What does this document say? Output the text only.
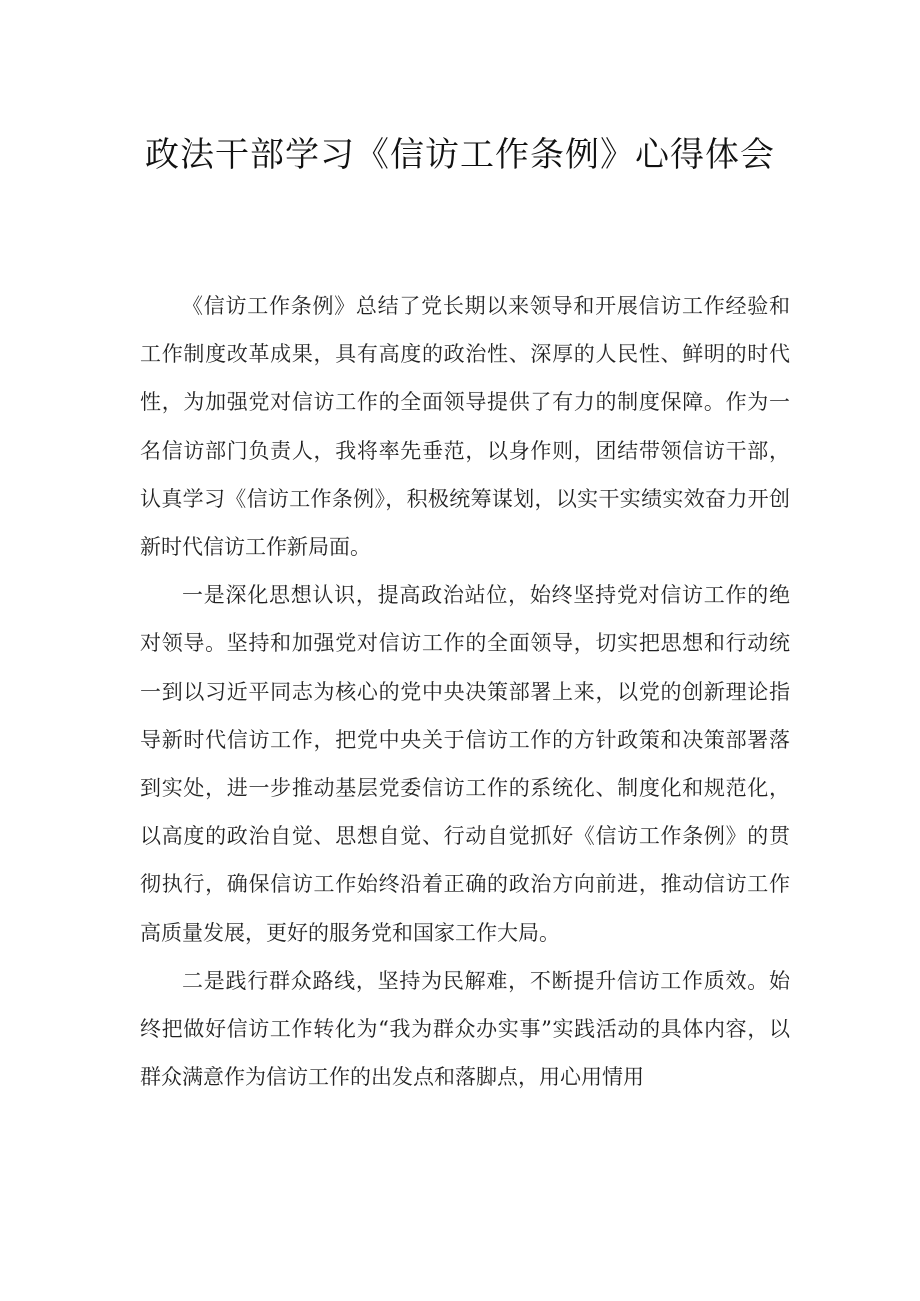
政法干部学习《信访工作条例》心得体会

《信访工作条例》总结了党长期以来领导和开展信访工作经验和工作制度改革成果，具有高度的政治性、深厚的人民性、鲜明的时代性，为加强党对信访工作的全面领导提供了有力的制度保障。作为一名信访部门负责人，我将率先垂范，以身作则，团结带领信访干部，认真学习《信访工作条例》，积极统筹谋划，以实干实绩实效奋力开创新时代信访工作新局面。

一是深化思想认识，提高政治站位，始终坚持党对信访工作的绝对领导。坚持和加强党对信访工作的全面领导，切实把思想和行动统一到以习近平同志为核心的党中央决策部署上来，以党的创新理论指导新时代信访工作，把党中央关于信访工作的方针政策和决策部署落到实处，进一步推动基层党委信访工作的系统化、制度化和规范化，以高度的政治自觉、思想自觉、行动自觉抓好《信访工作条例》的贯彻执行，确保信访工作始终沿着正确的政治方向前进，推动信访工作高质量发展，更好的服务党和国家工作大局。

二是践行群众路线，坚持为民解难，不断提升信访工作质效。始终把做好信访工作转化为“我为群众办实事”实践活动的具体内容，以群众满意作为信访工作的出发点和落脚点，用心用情用
